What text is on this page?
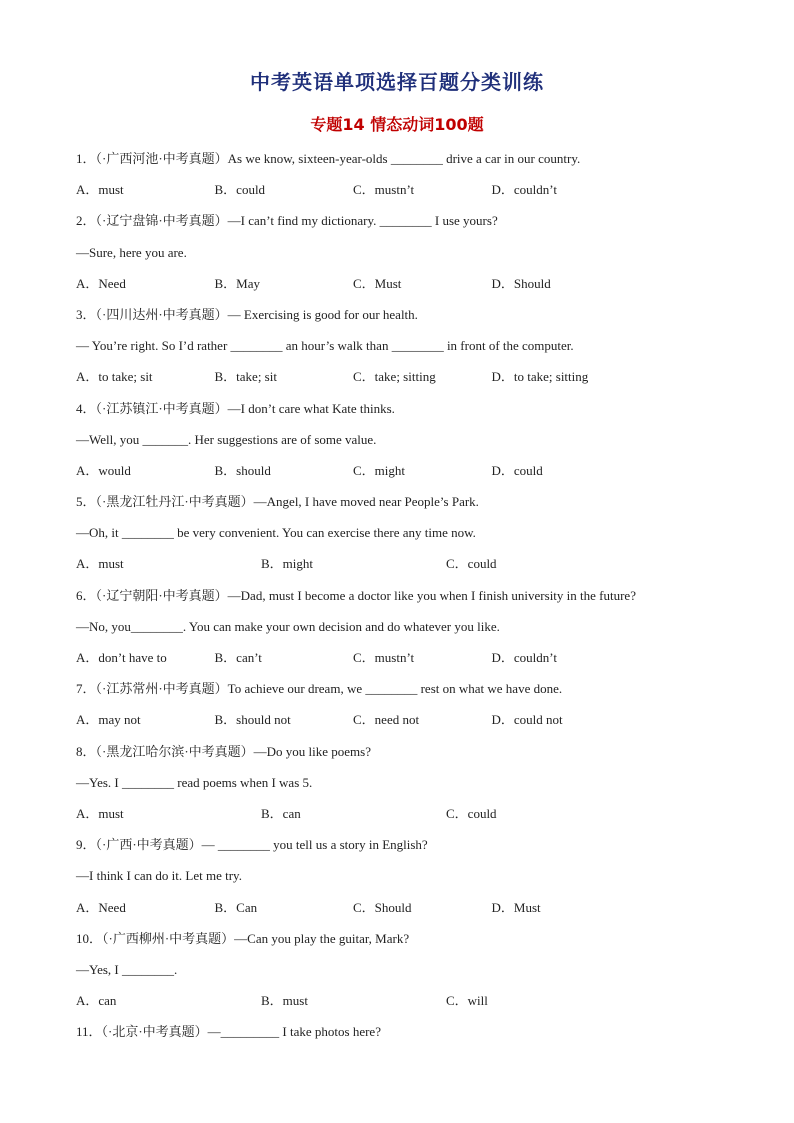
中考英语单项选择百题分类训练
专题14 情态动词100题
1．（·广西河池·中考真题）As we know, sixteen-year-olds ________ drive a car in our country.
A．must	B．could	C．mustn’t	D．couldn’t
2．（·辽宁盘锦·中考真题）—I can’t find my dictionary. ________ I use yours?
—Sure, here you are.
A．Need	B．May	C．Must	D．Should
3．（·四川达州·中考真题）— Exercising is good for our health.
— You’re right. So I’d rather ________ an hour’s walk than ________ in front of the computer.
A．to take; sit	B．take; sit	C．take; sitting	D．to take; sitting
4．（·江苏镇江·中考真题）—I don’t care what Kate thinks.
—Well, you _______. Her suggestions are of some value.
A．would	B．should	C．might	D．could
5．（·黑龙江牡丹江·中考真题）—Angel, I have moved near People’s Park.
—Oh, it ________ be very convenient. You can exercise there any time now.
A．must	B．might	C．could
6．（·辽宁朝阳·中考真题）—Dad, must I become a doctor like you when I finish university in the future?
—No, you________. You can make your own decision and do whatever you like.
A．don’t have to	B．can’t	C．mustn’t	D．couldn’t
7．（·江苏常州·中考真题）To achieve our dream, we ________ rest on what we have done.
A．may not	B．should not	C．need not	D．could not
8．（·黑龙江哈尔滨·中考真题）—Do you like poems?
—Yes. I ________ read poems when I was 5.
A．must	B．can	C．could
9．（·广西·中考真题）— ________ you tell us a story in English?
—I think I can do it. Let me try.
A．Need	B．Can	C．Should	D．Must
10．（·广西柳州·中考真题）—Can you play the guitar, Mark?
—Yes, I ________.
A．can	B．must	C．will
11．（·北京·中考真题）—_________ I take photos here?
